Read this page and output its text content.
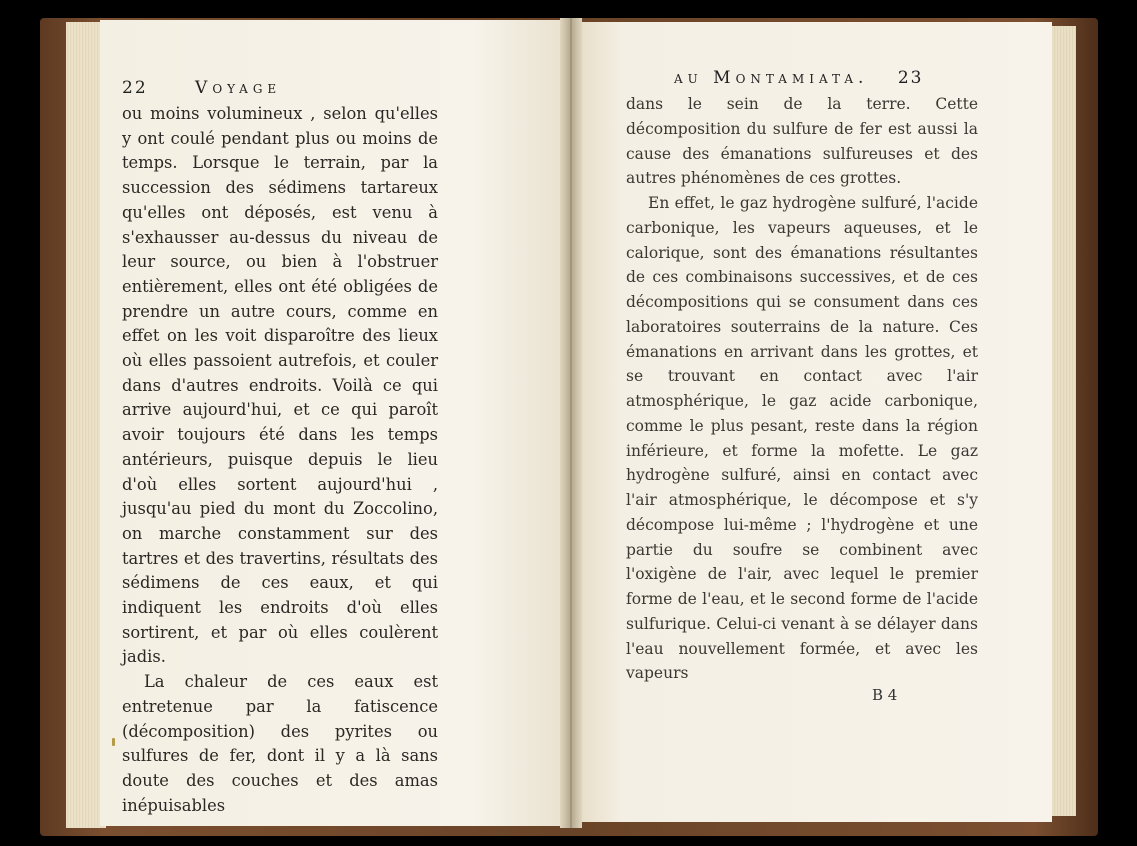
22	Voyage

ou moins volumineux , selon qu'elles y ont coulé pendant plus ou moins de temps. Lorsque le terrain, par la succession des sédimens tartareux qu'elles ont déposés, est venu à s'exhausser au-dessus du niveau de leur source, ou bien à l'obstruer entièrement, elles ont été obligées de prendre un autre cours, comme en effet on les voit disparoître des lieux où elles passoient autrefois, et couler dans d'autres endroits. Voilà ce qui arrive aujourd'hui, et ce qui paroît avoir toujours été dans les temps antérieurs, puisque depuis le lieu d'où elles sortent aujourd'hui , jusqu'au pied du mont du Zoccolino, on marche constamment sur des tartres et des travertins, résultats des sédimens de ces eaux, et qui indiquent les endroits d'où elles sortirent, et par où elles coulèrent jadis.

La chaleur de ces eaux est entretenue par la fatiscence (décomposition) des pyrites ou sulfures de fer, dont il y a là sans doute des couches et des amas inépuisables

au Montamiata. 23

dans le sein de la terre. Cette décomposition du sulfure de fer est aussi la cause des émanations sulfureuses et des autres phénomènes de ces grottes.

En effet, le gaz hydrogène sulfuré, l'acide carbonique, les vapeurs aqueuses, et le calorique, sont des émanations résultantes de ces combinaisons successives, et de ces décompositions qui se consument dans ces laboratoires souterrains de la nature. Ces émanations en arrivant dans les grottes, et se trouvant en contact avec l'air atmosphérique, le gaz acide carbonique, comme le plus pesant, reste dans la région inférieure, et forme la mofette. Le gaz hydrogène sulfuré, ainsi en contact avec l'air atmosphérique, le décompose et s'y décompose lui-même ; l'hydrogène et une partie du soufre se combinent avec l'oxigène de l'air, avec lequel le premier forme de l'eau, et le second forme de l'acide sulfurique. Celui-ci venant à se délayer dans l'eau nouvellement formée, et avec les vapeurs

B 4
